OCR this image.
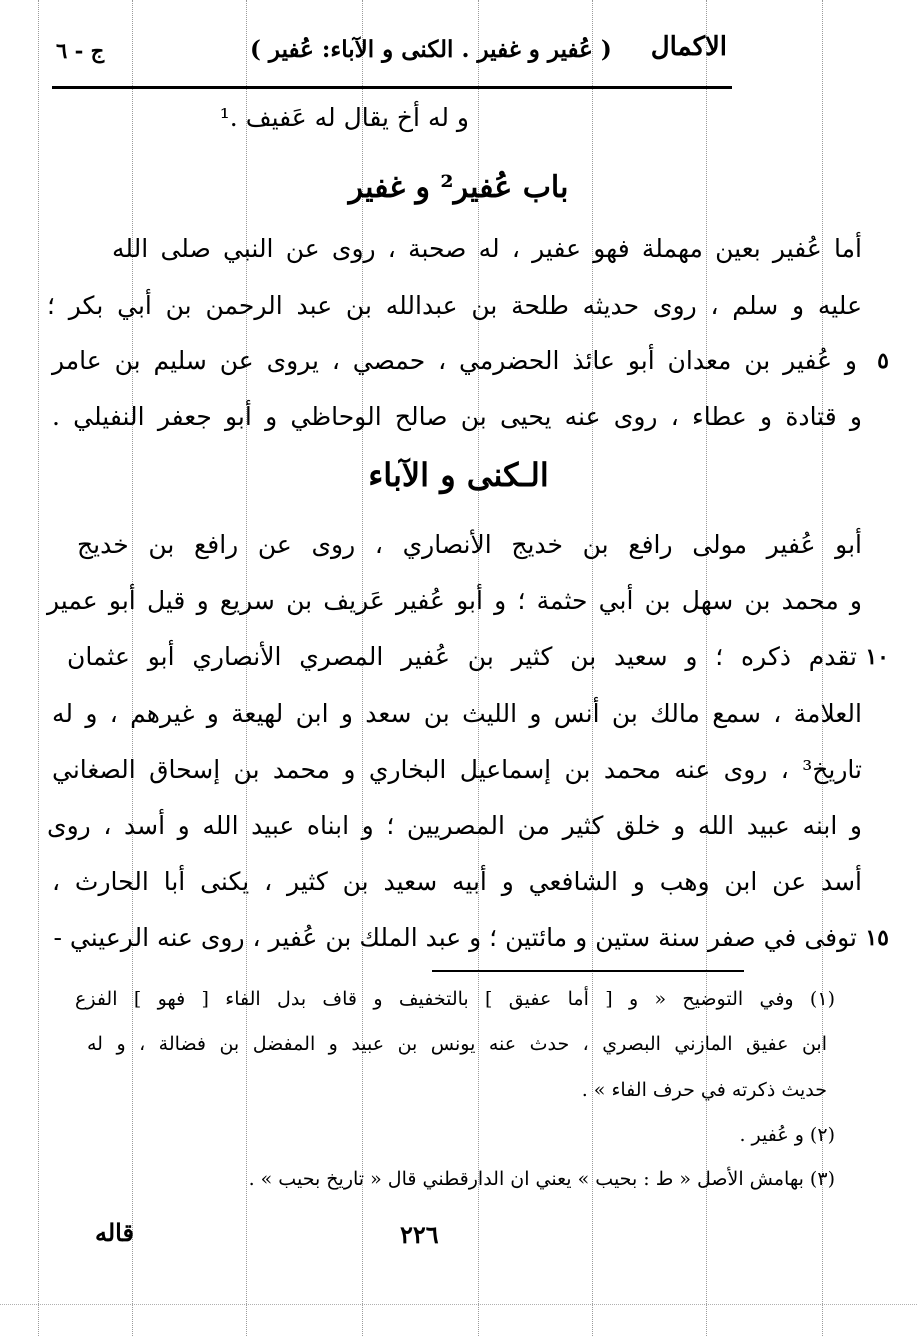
الاكمال
( عُفير و غفير . الكنى و الآباء: عُفير )
ج - ٦
و له أخ يقال له عَفيف .¹
باب عُفير² و غفير
أما عُفير بعين مهملة فهو عفير ، له صحبة ، روى عن النبي صلى الله
عليه و سلم ، روى حديثه طلحة بن عبدالله بن عبد الرحمن بن أبي بكر ؛
٥
و عُفير بن معدان أبو عائذ الحضرمي ، حمصي ، يروى عن سليم بن عامر
و قتادة و عطاء ، روى عنه يحيى بن صالح الوحاظي و أبو جعفر النفيلي .
الـكنى و الآباء
أبو عُفير مولى رافع بن خديج الأنصاري ، روى عن رافع بن خديج
و محمد بن سهل بن أبي حثمة ؛ و أبو عُفير عَريف بن سريع و قيل أبو عمير
١٠
تقدم ذكره ؛ و سعيد بن كثير بن عُفير المصري الأنصاري أبو عثمان
العلامة ، سمع مالك بن أنس و الليث بن سعد و ابن لهيعة و غيرهم ، و له
تاريخ³ ، روى عنه محمد بن إسماعيل البخاري و محمد بن إسحاق الصغاني
و ابنه عبيد الله و خلق كثير من المصريين ؛ و ابناه عبيد الله و أسد ، روى
أسد عن ابن وهب و الشافعي و أبيه سعيد بن كثير ، يكنى أبا الحارث ،
١٥
توفى في صفر سنة ستين و مائتين ؛ و عبد الملك بن عُفير ، روى عنه الرعيني -
(١) وفي التوضيح « و [ أما عفيق ] بالتخفيف و قاف بدل الفاء [ فهو ] الفزع
ابن عفيق المازني البصري ، حدث عنه يونس بن عبيد و المفضل بن فضالة ، و له
حديث ذكرته في حرف الفاء » .
(٢) و عُفير .
(٣) بهامش الأصل « ط : بحيب » يعني ان الدارقطني قال « تاريخ بحيب » .
٢٢٦
قاله
